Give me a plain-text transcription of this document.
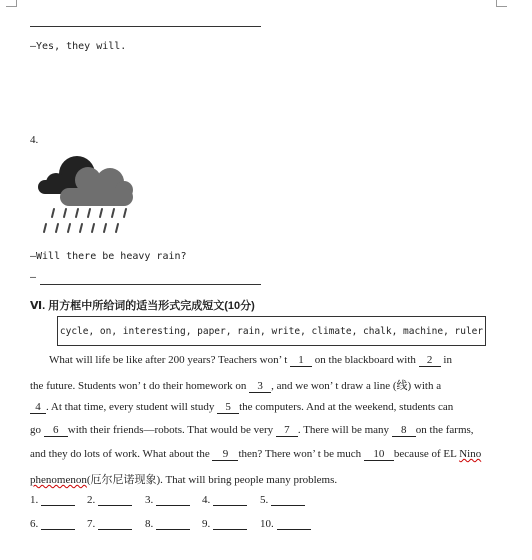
—Yes, they will.
4.
—Will there be heavy rain?
—
Ⅵ. 用方框中所给词的适当形式完成短文(10分)
cycle, on, interesting, paper, rain, write, climate, chalk, machine, ruler
What will life be like after 200 years? Teachers won’ t 1 on the blackboard with 2 in
the future. Students won’ t do their homework on 3 , and we won’ t draw a line (线) with a
4 . At that time, every student will study 5 the computers. And at the weekend, students can
go 6 with their friends—robots. That would be very 7 . There will be many 8 on the farms,
and they do lots of work. What about the 9 then? There won’ t be much 10 because of EL Nino
phenomenon(厄尔尼诺现象). That will bring people many problems.
1.	2.	3.	4.	5.
6.	7.	8.	9.	10.
